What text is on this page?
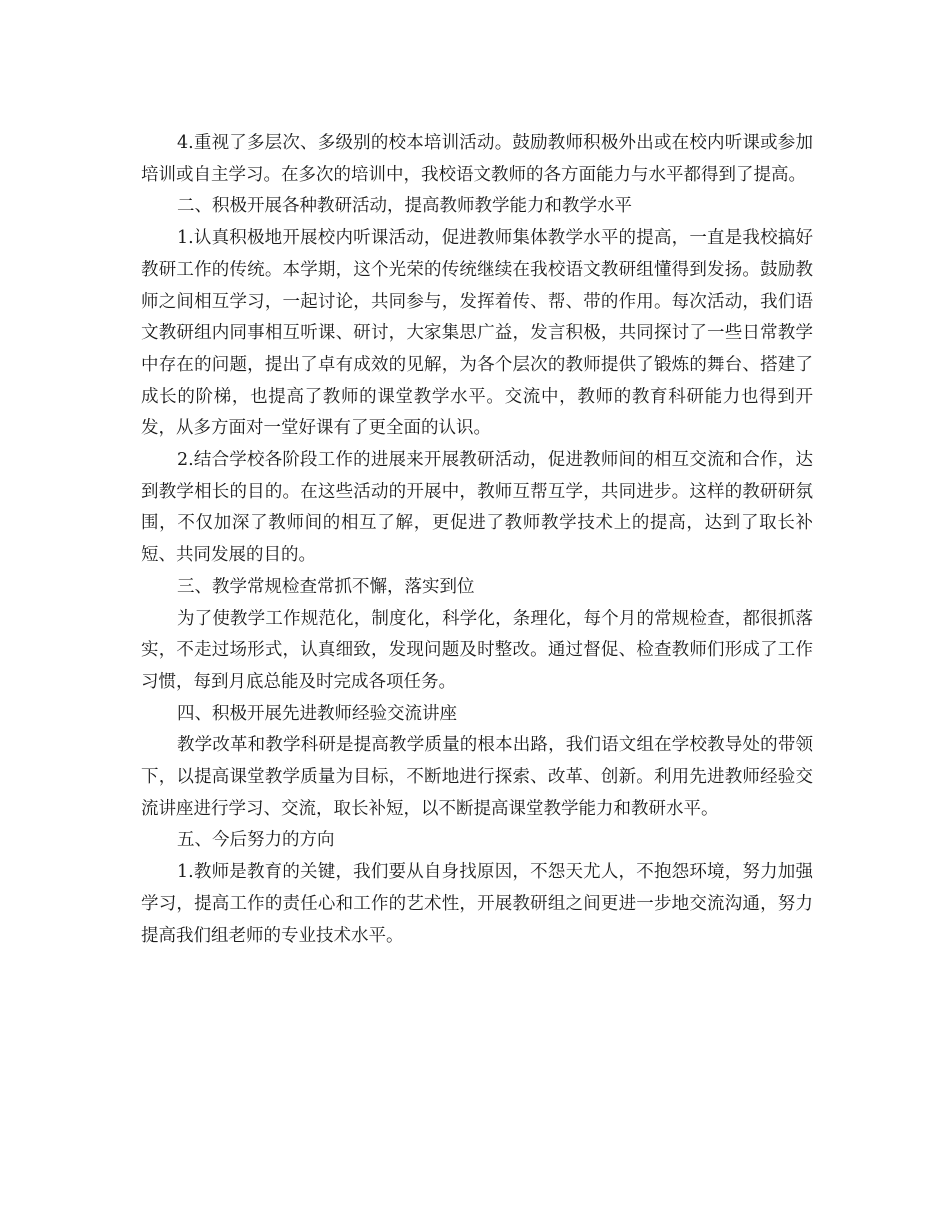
4.重视了多层次、多级别的校本培训活动。鼓励教师积极外出或在校内听课或参加培训或自主学习。在多次的培训中，我校语文教师的各方面能力与水平都得到了提高。

二、积极开展各种教研活动，提高教师教学能力和教学水平

1.认真积极地开展校内听课活动，促进教师集体教学水平的提高，一直是我校搞好教研工作的传统。本学期，这个光荣的传统继续在我校语文教研组懂得到发扬。鼓励教师之间相互学习，一起讨论，共同参与，发挥着传、帮、带的作用。每次活动，我们语文教研组内同事相互听课、研讨，大家集思广益，发言积极，共同探讨了一些日常教学中存在的问题，提出了卓有成效的见解，为各个层次的教师提供了锻炼的舞台、搭建了成长的阶梯，也提高了教师的课堂教学水平。交流中，教师的教育科研能力也得到开发，从多方面对一堂好课有了更全面的认识。

2.结合学校各阶段工作的进展来开展教研活动，促进教师间的相互交流和合作，达到教学相长的目的。在这些活动的开展中，教师互帮互学，共同进步。这样的教研研氛围，不仅加深了教师间的相互了解，更促进了教师教学技术上的提高，达到了取长补短、共同发展的目的。

三、教学常规检查常抓不懈，落实到位

为了使教学工作规范化，制度化，科学化，条理化，每个月的常规检查，都很抓落实，不走过场形式，认真细致，发现问题及时整改。通过督促、检查教师们形成了工作习惯，每到月底总能及时完成各项任务。

四、积极开展先进教师经验交流讲座

教学改革和教学科研是提高教学质量的根本出路，我们语文组在学校教导处的带领下，以提高课堂教学质量为目标，不断地进行探索、改革、创新。利用先进教师经验交流讲座进行学习、交流，取长补短，以不断提高课堂教学能力和教研水平。

五、今后努力的方向

1.教师是教育的关键，我们要从自身找原因，不怨天尤人，不抱怨环境，努力加强学习，提高工作的责任心和工作的艺术性，开展教研组之间更进一步地交流沟通，努力提高我们组老师的专业技术水平。
